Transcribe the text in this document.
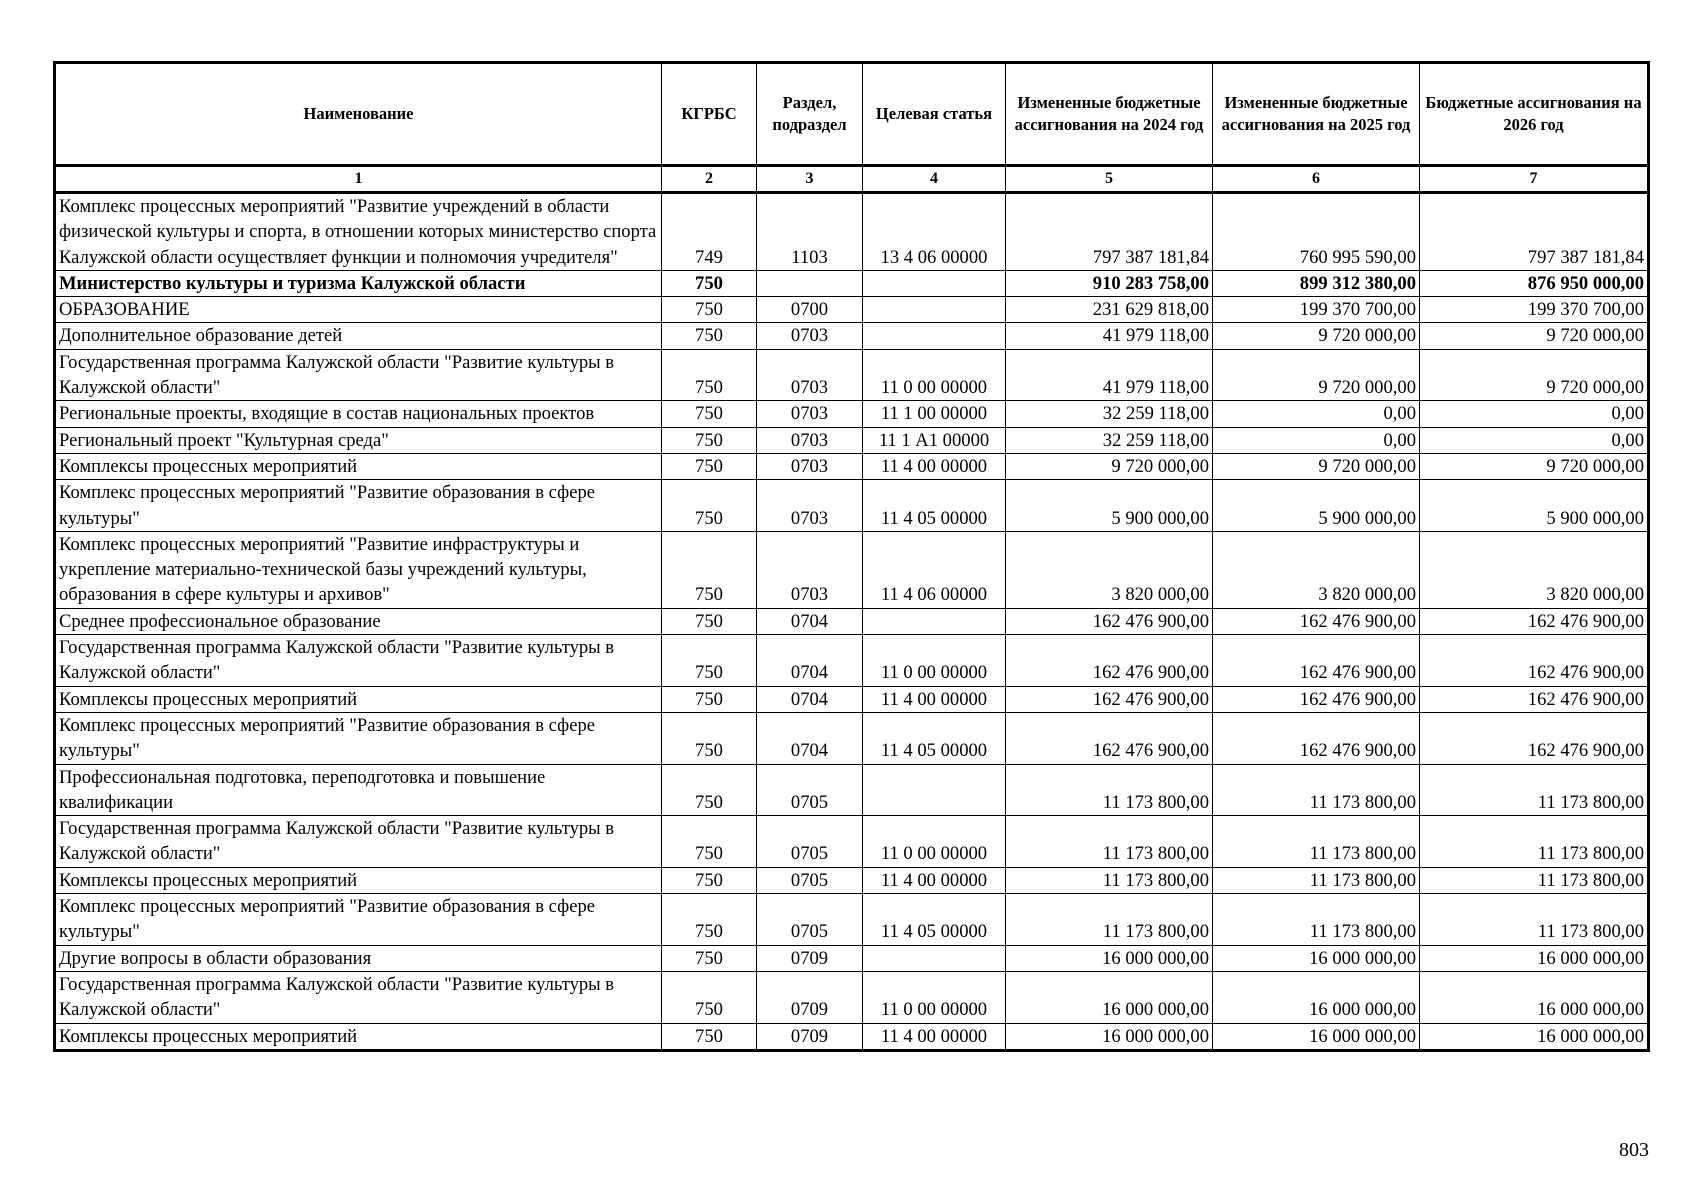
Наименование	КГРБС	Раздел, подраздел	Целевая статья	Измененные бюджетные ассигнования на 2024 год	Измененные бюджетные ассигнования на 2025 год	Бюджетные ассигнования на 2026 год
1	2	3	4	5	6	7
Комплекс процессных мероприятий "Развитие учреждений в области физической культуры и спорта, в отношении которых министерство спорта Калужской области осуществляет функции и полномочия учредителя"	749	1103	13 4 06 00000	797 387 181,84	760 995 590,00	797 387 181,84
Министерство культуры и туризма Калужской области	750			910 283 758,00	899 312 380,00	876 950 000,00
ОБРАЗОВАНИЕ	750	0700		231 629 818,00	199 370 700,00	199 370 700,00
Дополнительное образование детей	750	0703		41 979 118,00	9 720 000,00	9 720 000,00
Государственная программа Калужской области "Развитие культуры в Калужской области"	750	0703	11 0 00 00000	41 979 118,00	9 720 000,00	9 720 000,00
Региональные проекты, входящие в состав национальных проектов	750	0703	11 1 00 00000	32 259 118,00	0,00	0,00
Региональный проект "Культурная среда"	750	0703	11 1 А1 00000	32 259 118,00	0,00	0,00
Комплексы процессных мероприятий	750	0703	11 4 00 00000	9 720 000,00	9 720 000,00	9 720 000,00
Комплекс процессных мероприятий "Развитие образования в сфере культуры"	750	0703	11 4 05 00000	5 900 000,00	5 900 000,00	5 900 000,00
Комплекс процессных мероприятий "Развитие инфраструктуры и укрепление материально-технической базы учреждений культуры, образования в сфере культуры и архивов"	750	0703	11 4 06 00000	3 820 000,00	3 820 000,00	3 820 000,00
Среднее профессиональное образование	750	0704		162 476 900,00	162 476 900,00	162 476 900,00
Государственная программа Калужской области "Развитие культуры в Калужской области"	750	0704	11 0 00 00000	162 476 900,00	162 476 900,00	162 476 900,00
Комплексы процессных мероприятий	750	0704	11 4 00 00000	162 476 900,00	162 476 900,00	162 476 900,00
Комплекс процессных мероприятий "Развитие образования в сфере культуры"	750	0704	11 4 05 00000	162 476 900,00	162 476 900,00	162 476 900,00
Профессиональная подготовка, переподготовка и повышение квалификации	750	0705		11 173 800,00	11 173 800,00	11 173 800,00
Государственная программа Калужской области "Развитие культуры в Калужской области"	750	0705	11 0 00 00000	11 173 800,00	11 173 800,00	11 173 800,00
Комплексы процессных мероприятий	750	0705	11 4 00 00000	11 173 800,00	11 173 800,00	11 173 800,00
Комплекс процессных мероприятий "Развитие образования в сфере культуры"	750	0705	11 4 05 00000	11 173 800,00	11 173 800,00	11 173 800,00
Другие вопросы в области образования	750	0709		16 000 000,00	16 000 000,00	16 000 000,00
Государственная программа Калужской области "Развитие культуры в Калужской области"	750	0709	11 0 00 00000	16 000 000,00	16 000 000,00	16 000 000,00
Комплексы процессных мероприятий	750	0709	11 4 00 00000	16 000 000,00	16 000 000,00	16 000 000,00
803
